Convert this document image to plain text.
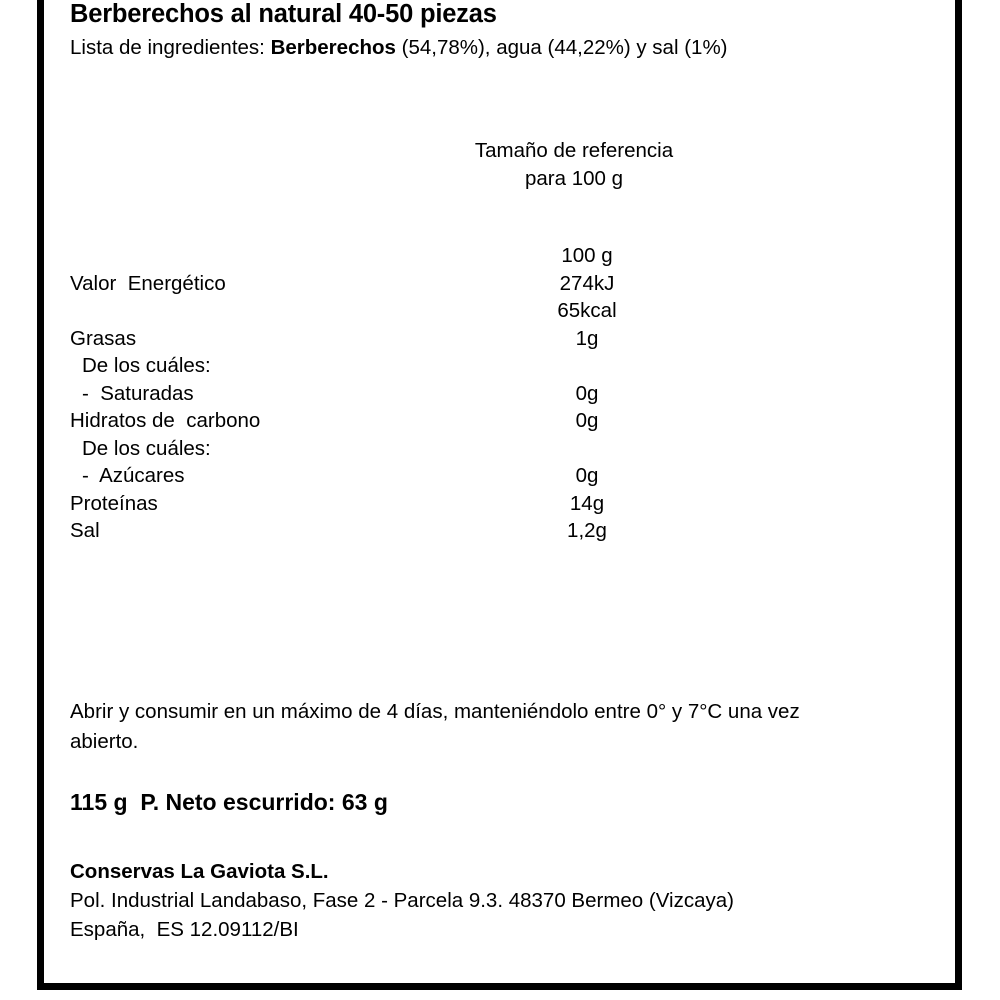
Berberechos al natural 40-50 piezas
Lista de ingredientes: Berberechos (54,78%), agua (44,22%) y sal (1%)
Tamaño de referencia
para 100 g
100 g
Valor  Energético	274kJ
65kcal
Grasas	1g
De los cuáles:
-  Saturadas	0g
Hidratos de  carbono	0g
De los cuáles:
-  Azúcares	0g
Proteínas	14g
Sal	1,2g
Abrir y consumir en un máximo de 4 días, manteniéndolo entre 0° y 7°C una vez abierto.
115 g  P. Neto escurrido: 63 g
Conservas La Gaviota S.L.
Pol. Industrial Landabaso, Fase 2 - Parcela 9.3. 48370 Bermeo (Vizcaya)
España,  ES 12.09112/BI
